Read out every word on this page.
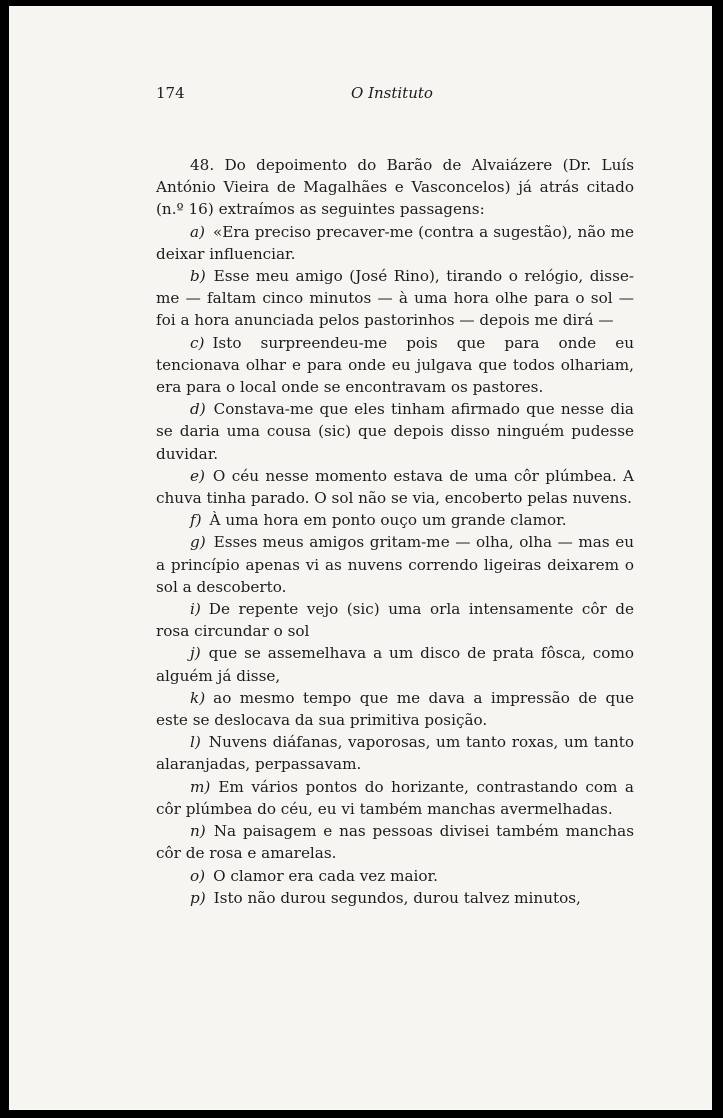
174	O Instituto

48. Do depoimento do Barão de Alvaiázere (Dr. Luís António Vieira de Magalhães e Vasconcelos) já atrás citado (n.º 16) extraímos as seguintes passagens:

a) «Era preciso precaver-me (contra a sugestão), não me deixar influenciar.

b) Esse meu amigo (José Rino), tirando o relógio, disse-me — faltam cinco minutos — à uma hora olhe para o sol — foi a hora anunciada pelos pastorinhos — depois me dirá —

c) Isto surpreendeu-me pois que para onde eu tencionava olhar e para onde eu julgava que todos olhariam, era para o local onde se encontravam os pastores.

d) Constava-me que eles tinham afirmado que nesse dia se daria uma cousa (sic) que depois disso ninguém pudesse duvidar.

e) O céu nesse momento estava de uma côr plúmbea. A chuva tinha parado. O sol não se via, encoberto pelas nuvens.

f) À uma hora em ponto ouço um grande clamor.

g) Esses meus amigos gritam-me — olha, olha — mas eu a princípio apenas vi as nuvens correndo ligeiras deixarem o sol a descoberto.

i) De repente vejo (sic) uma orla intensamente côr de rosa circundar o sol

j) que se assemelhava a um disco de prata fôsca, como alguém já disse,

k) ao mesmo tempo que me dava a impressão de que este se deslocava da sua primitiva posição.

l) Nuvens diáfanas, vaporosas, um tanto roxas, um tanto alaranjadas, perpassavam.

m) Em vários pontos do horizante, contrastando com a côr plúmbea do céu, eu vi também manchas avermelhadas.

n) Na paisagem e nas pessoas divisei também manchas côr de rosa e amarelas.

o) O clamor era cada vez maior.

p) Isto não durou segundos, durou talvez minutos,
